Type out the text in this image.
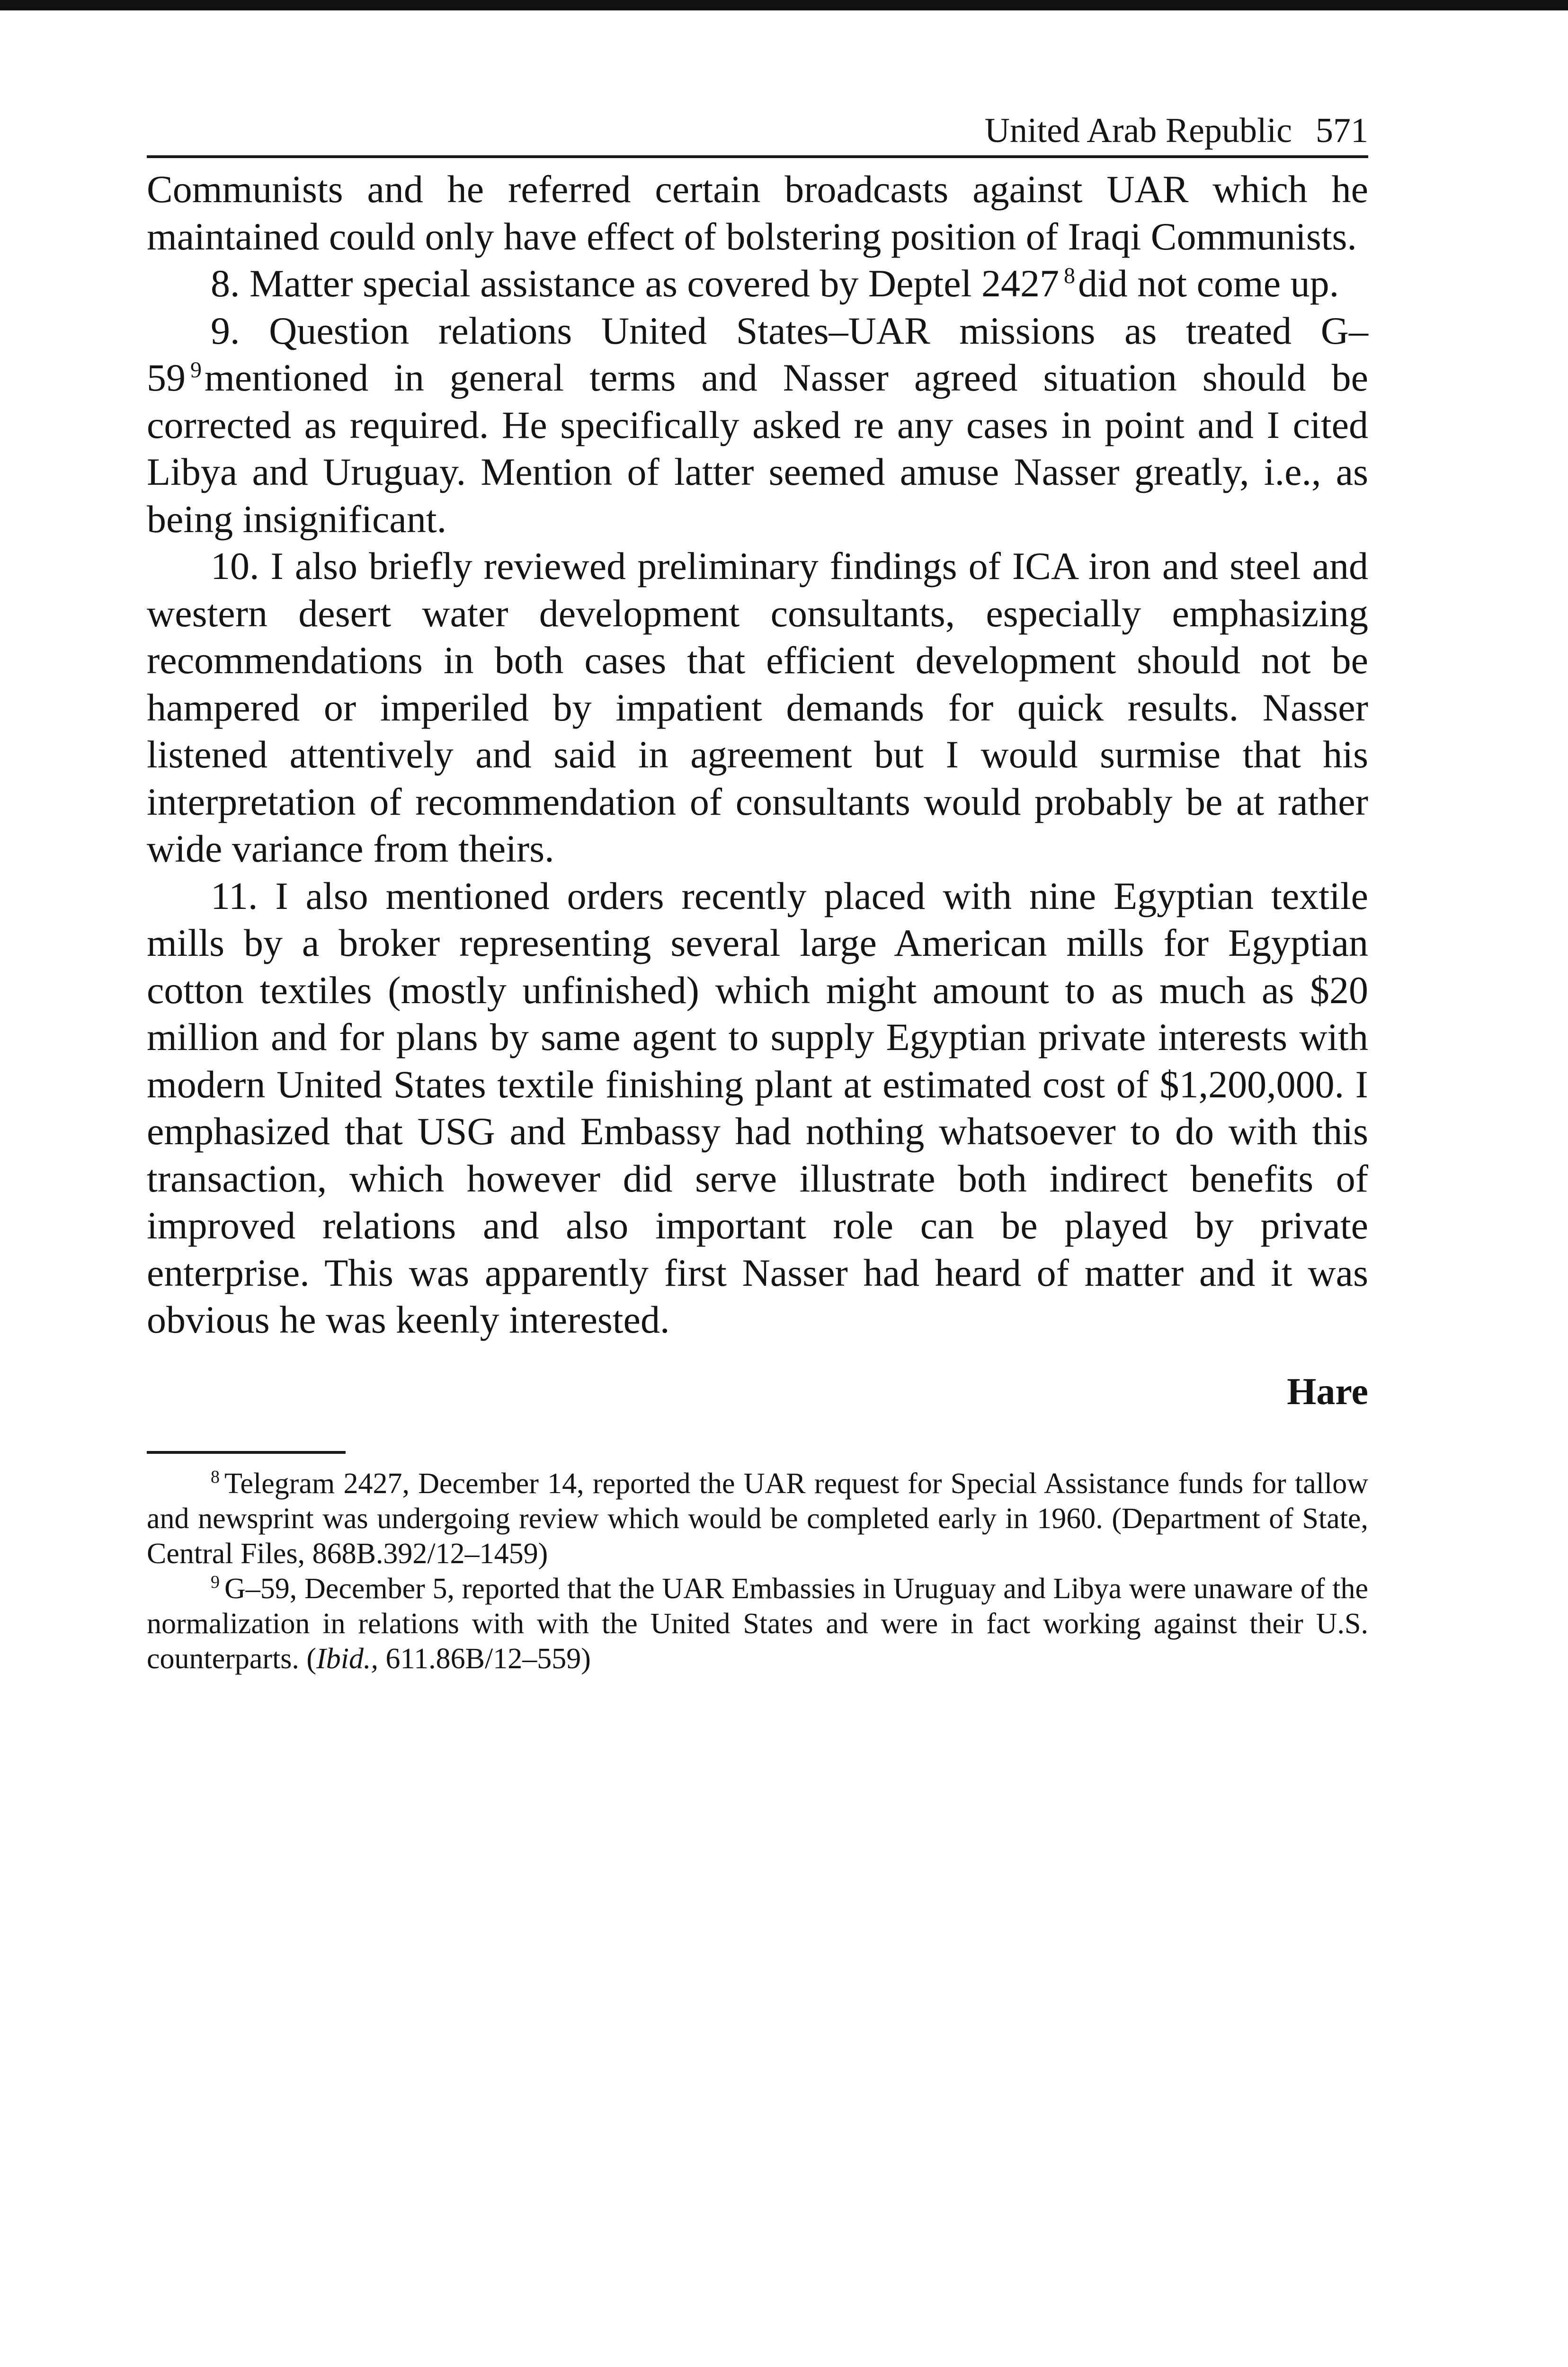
United Arab Republic 571

Communists and he referred certain broadcasts against UAR which he maintained could only have effect of bolstering position of Iraqi Communists.

8. Matter special assistance as covered by Deptel 2427 $^8$did not come up.

9. Question relations United States–UAR missions as treated G–59 $^9$mentioned in general terms and Nasser agreed situation should be corrected as required. He specifically asked re any cases in point and I cited Libya and Uruguay. Mention of latter seemed amuse Nasser greatly, i.e., as being insignificant.

10. I also briefly reviewed preliminary findings of ICA iron and steel and western desert water development consultants, especially emphasizing recommendations in both cases that efficient development should not be hampered or imperiled by impatient demands for quick results. Nasser listened attentively and said in agreement but I would surmise that his interpretation of recommendation of consultants would probably be at rather wide variance from theirs.

11. I also mentioned orders recently placed with nine Egyptian textile mills by a broker representing several large American mills for Egyptian cotton textiles (mostly unfinished) which might amount to as much as $20 million and for plans by same agent to supply Egyptian private interests with modern United States textile finishing plant at estimated cost of $1,200,000. I emphasized that USG and Embassy had nothing whatsoever to do with this transaction, which however did serve illustrate both indirect benefits of improved relations and also important role can be played by private enterprise. This was apparently first Nasser had heard of matter and it was obvious he was keenly interested.

Hare

$^8$ Telegram 2427, December 14, reported the UAR request for Special Assistance funds for tallow and newsprint was undergoing review which would be completed early in 1960. (Department of State, Central Files, 868B.392/12–1459)

$^9$ G–59, December 5, reported that the UAR Embassies in Uruguay and Libya were unaware of the normalization in relations with with the United States and were in fact working against their U.S. counterparts. (Ibid., 611.86B/12–559)
